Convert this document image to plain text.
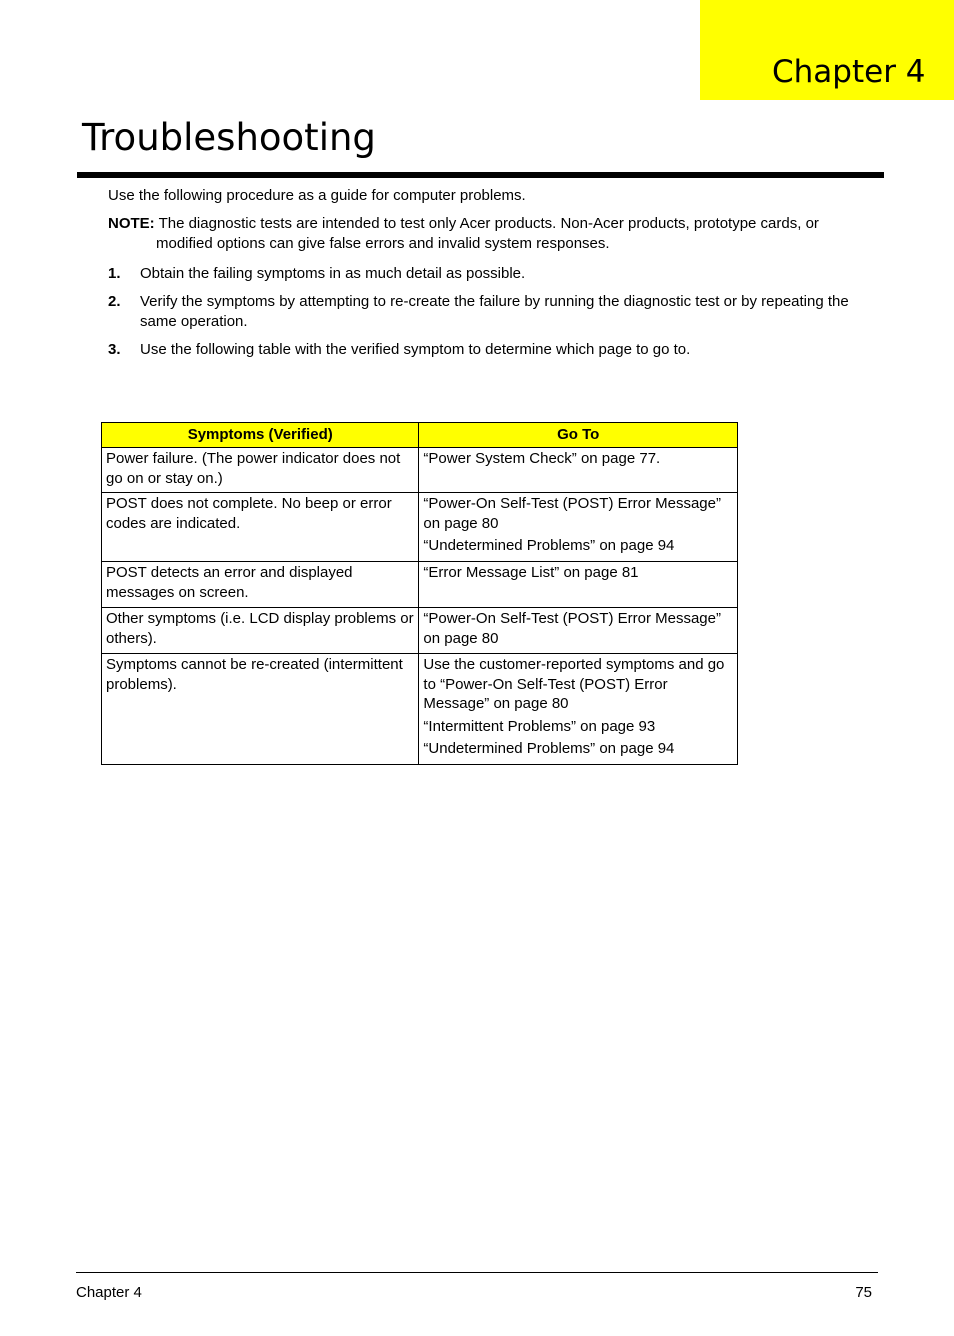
Chapter 4
Troubleshooting

Use the following procedure as a guide for computer problems.

NOTE: The diagnostic tests are intended to test only Acer products. Non-Acer products, prototype cards, or modified options can give false errors and invalid system responses.

1. Obtain the failing symptoms in as much detail as possible.
2. Verify the symptoms by attempting to re-create the failure by running the diagnostic test or by repeating the same operation.
3. Use the following table with the verified symptom to determine which page to go to.
Symptoms (Verified)	Go To
Power failure. (The power indicator does not go on or stay on.)	“Power System Check” on page 77.

POST does not complete. No beep or error codes are indicated.	“Power-On Self-Test (POST) Error Message” on page 80
“Undetermined Problems” on page 94

POST detects an error and displayed messages on screen.	“Error Message List” on page 81

Other symptoms (i.e. LCD display problems or others).	“Power-On Self-Test (POST) Error Message” on page 80

Symptoms cannot be re-created (intermittent problems).	Use the customer-reported symptoms and go to “Power-On Self-Test (POST) Error Message” on page 80
“Intermittent Problems” on page 93
“Undetermined Problems” on page 94
Chapter 4	75
